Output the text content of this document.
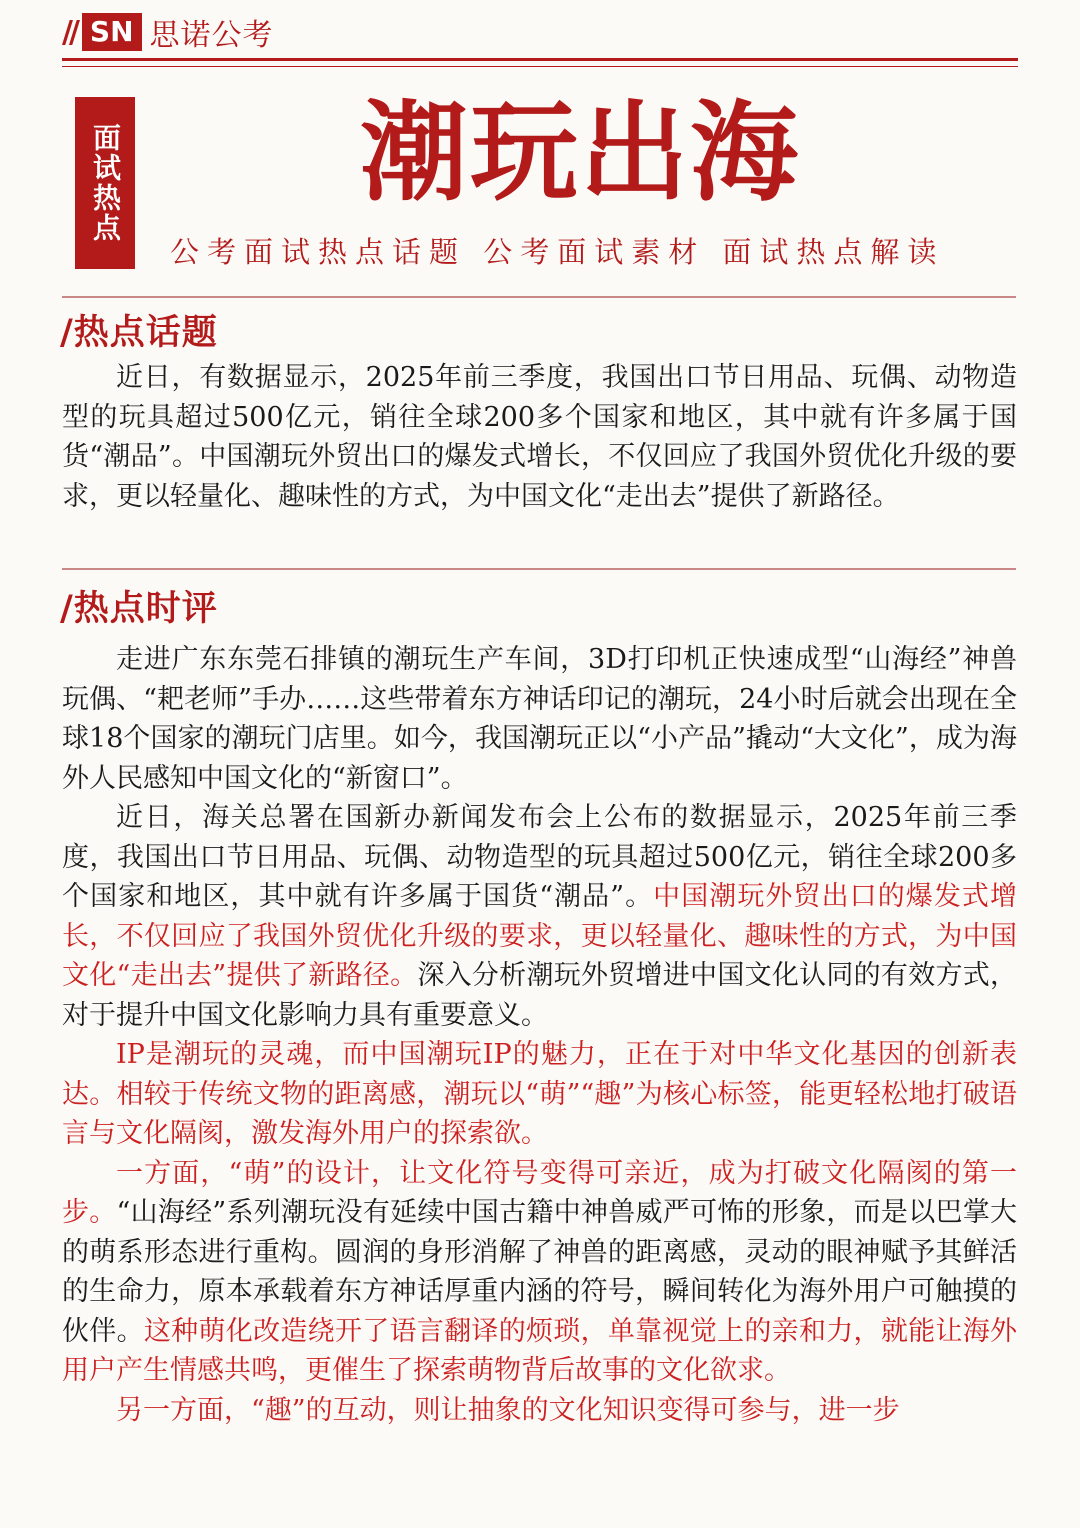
// SN 思诺公考
面试热点	潮玩出海
公考面试热点话题 公考面试素材 面试热点解读
/热点话题

近日，有数据显示，2025年前三季度，我国出口节日用品、玩偶、动物造型的玩具超过500亿元，销往全球200多个国家和地区，其中就有许多属于国货“潮品”。中国潮玩外贸出口的爆发式增长，不仅回应了我国外贸优化升级的要求，更以轻量化、趣味性的方式，为中国文化“走出去”提供了新路径。

/热点时评

走进广东东莞石排镇的潮玩生产车间，3D打印机正快速成型“山海经”神兽玩偶、“耙老师”手办……这些带着东方神话印记的潮玩，24小时后就会出现在全球18个国家的潮玩门店里。如今，我国潮玩正以“小产品”撬动“大文化”，成为海外人民感知中国文化的“新窗口”。

近日，海关总署在国新办新闻发布会上公布的数据显示，2025年前三季度，我国出口节日用品、玩偶、动物造型的玩具超过500亿元，销往全球200多个国家和地区，其中就有许多属于国货“潮品”。中国潮玩外贸出口的爆发式增长，不仅回应了我国外贸优化升级的要求，更以轻量化、趣味性的方式，为中国文化“走出去”提供了新路径。深入分析潮玩外贸增进中国文化认同的有效方式，对于提升中国文化影响力具有重要意义。

IP是潮玩的灵魂，而中国潮玩IP的魅力，正在于对中华文化基因的创新表达。相较于传统文物的距离感，潮玩以“萌”“趣”为核心标签，能更轻松地打破语言与文化隔阂，激发海外用户的探索欲。

一方面，“萌”的设计，让文化符号变得可亲近，成为打破文化隔阂的第一步。“山海经”系列潮玩没有延续中国古籍中神兽威严可怖的形象，而是以巴掌大的萌系形态进行重构。圆润的身形消解了神兽的距离感，灵动的眼神赋予其鲜活的生命力，原本承载着东方神话厚重内涵的符号，瞬间转化为海外用户可触摸的伙伴。这种萌化改造绕开了语言翻译的烦琐，单靠视觉上的亲和力，就能让海外用户产生情感共鸣，更催生了探索萌物背后故事的文化欲求。

另一方面，“趣”的互动，则让抽象的文化知识变得可参与，进一步
